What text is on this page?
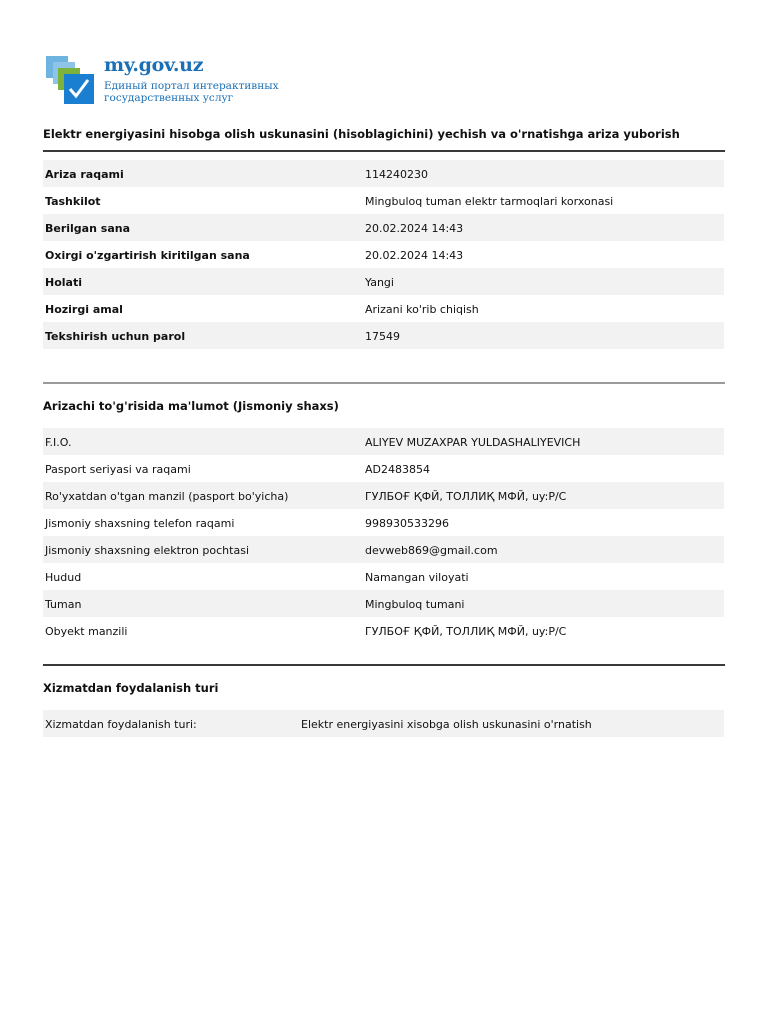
my.gov.uz
Единый портал интерактивных
государственных услуг
Elektr energiyasini hisobga olish uskunasini (hisoblagichini) yechish va o'rnatishga ariza yuborish
Ariza raqami	114240230
Tashkilot	Mingbuloq tuman elektr tarmoqlari korxonasi
Berilgan sana	20.02.2024 14:43
Oxirgi o'zgartirish kiritilgan sana	20.02.2024 14:43
Holati	Yangi
Hozirgi amal	Arizani ko'rib chiqish
Tekshirish uchun parol	17549
Arizachi to'g'risida ma'lumot (Jismoniy shaxs)
F.I.O.	ALIYEV MUZAXPAR YULDASHALIYEVICH
Pasport seriyasi va raqami	AD2483854
Ro'yxatdan o'tgan manzil (pasport bo'yicha)	ГУЛБОҒ ҚФЙ, ТОЛЛИҚ МФЙ, uy:P/C
Jismoniy shaxsning telefon raqami	998930533296
Jismoniy shaxsning elektron pochtasi	devweb869@gmail.com
Hudud	Namangan viloyati
Tuman	Mingbuloq tumani
Obyekt manzili	ГУЛБОҒ ҚФЙ, ТОЛЛИҚ МФЙ, uy:P/C
Xizmatdan foydalanish turi
Xizmatdan foydalanish turi:	Elektr energiyasini xisobga olish uskunasini o'rnatish
